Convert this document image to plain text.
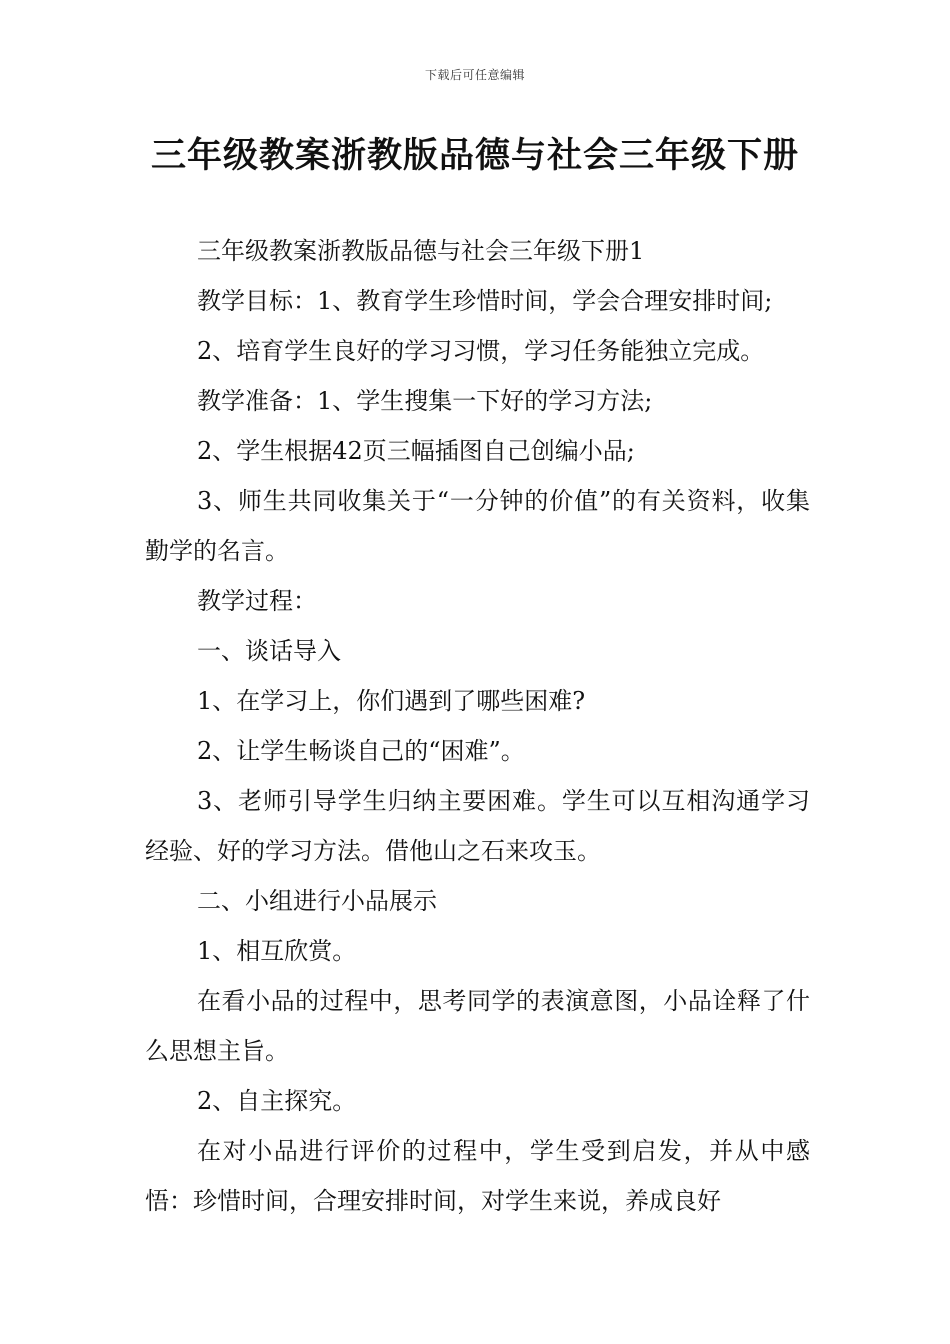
下载后可任意编辑
三年级教案浙教版品德与社会三年级下册

三年级教案浙教版品德与社会三年级下册1

教学目标：1、教育学生珍惜时间，学会合理安排时间;

2、培育学生良好的学习习惯，学习任务能独立完成。

教学准备：1、学生搜集一下好的学习方法;

2、学生根据42页三幅插图自己创编小品;

3、师生共同收集关于“一分钟的价值”的有关资料，收集勤学的名言。

教学过程：

一、谈话导入

1、在学习上，你们遇到了哪些困难?

2、让学生畅谈自己的“困难”。

3、老师引导学生归纳主要困难。学生可以互相沟通学习经验、好的学习方法。借他山之石来攻玉。

二、小组进行小品展示

1、相互欣赏。

在看小品的过程中，思考同学的表演意图，小品诠释了什么思想主旨。

2、自主探究。

在对小品进行评价的过程中，学生受到启发，并从中感悟：珍惜时间，合理安排时间，对学生来说，养成良好
